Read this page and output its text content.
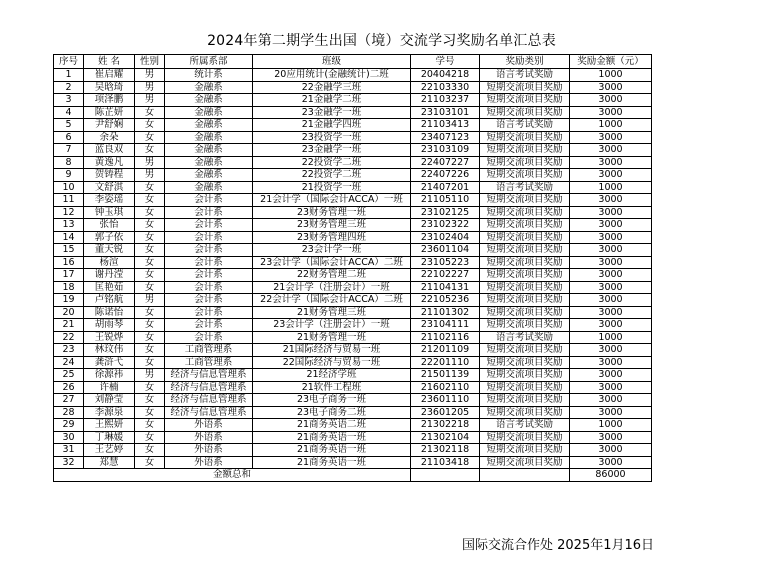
2024年第二期学生出国（境）交流学习奖励名单汇总表
序号	姓 名	性别	所属系部	班级	学号	奖励类别	奖励金额（元）
1	崔启耀	男	统计系	20应用统计(金融统计)二班	20404218	语言考试奖励	1000
2	吴晗琦	男	金融系	22金融学三班	22103330	短期交流项目奖励	3000
3	项泽鹏	男	金融系	21金融学二班	21103237	短期交流项目奖励	3000
4	陈芷妍	女	金融系	23金融学一班	23103101	短期交流项目奖励	3000
5	尹舒娴	女	金融系	21金融学四班	21103413	语言考试奖励	1000
6	余朵	女	金融系	23投资学一班	23407123	短期交流项目奖励	3000
7	蓝良双	女	金融系	23金融学一班	23103109	短期交流项目奖励	3000
8	黄逸凡	男	金融系	22投资学二班	22407227	短期交流项目奖励	3000
9	贺铸程	男	金融系	22投资学二班	22407226	短期交流项目奖励	3000
10	文舒淇	女	金融系	21投资学一班	21407201	语言考试奖励	1000
11	李姿瑶	女	会计系	21会计学（国际会计ACCA）一班	21105110	短期交流项目奖励	3000
12	钟玉琪	女	会计系	23财务管理一班	23102125	短期交流项目奖励	3000
13	张怡	女	会计系	23财务管理三班	23102322	短期交流项目奖励	3000
14	郭子依	女	会计系	23财务管理四班	23102404	短期交流项目奖励	3000
15	董天锐	女	会计系	23会计学一班	23601104	短期交流项目奖励	3000
16	杨渲	女	会计系	23会计学（国际会计ACCA）二班	23105223	短期交流项目奖励	3000
17	谢丹滢	女	会计系	22财务管理二班	22102227	短期交流项目奖励	3000
18	匡艳茹	女	会计系	21会计学（注册会计）一班	21104131	短期交流项目奖励	3000
19	卢铭航	男	会计系	22会计学（国际会计ACCA）二班	22105236	短期交流项目奖励	3000
20	陈诺怡	女	会计系	21财务管理三班	21101302	短期交流项目奖励	3000
21	胡雨琴	女	会计系	23会计学（注册会计）一班	23104111	短期交流项目奖励	3000
22	王锐烨	女	会计系	21财务管理一班	21102116	语言考试奖励	1000
23	林玟伟	女	工商管理系	21国际经济与贸易一班	21201109	短期交流项目奖励	3000
24	龚浒弋	女	工商管理系	22国际经济与贸易一班	22201110	短期交流项目奖励	3000
25	徐源祎	男	经济与信息管理系	21经济学班	21501139	短期交流项目奖励	3000
26	许楠	女	经济与信息管理系	21软件工程班	21602110	短期交流项目奖励	3000
27	刘静莹	女	经济与信息管理系	23电子商务一班	23601110	短期交流项目奖励	3000
28	李源泉	女	经济与信息管理系	23电子商务二班	23601205	短期交流项目奖励	3000
29	王熙妍	女	外语系	21商务英语二班	21302218	语言考试奖励	1000
30	丁琳媛	女	外语系	21商务英语一班	21302104	短期交流项目奖励	3000
31	王艺婷	女	外语系	21商务英语一班	21302118	短期交流项目奖励	3000
32	郑慧	女	外语系	21商务英语一班	21103418	短期交流项目奖励	3000
金额总和							86000
国际交流合作处 2025年1月16日
